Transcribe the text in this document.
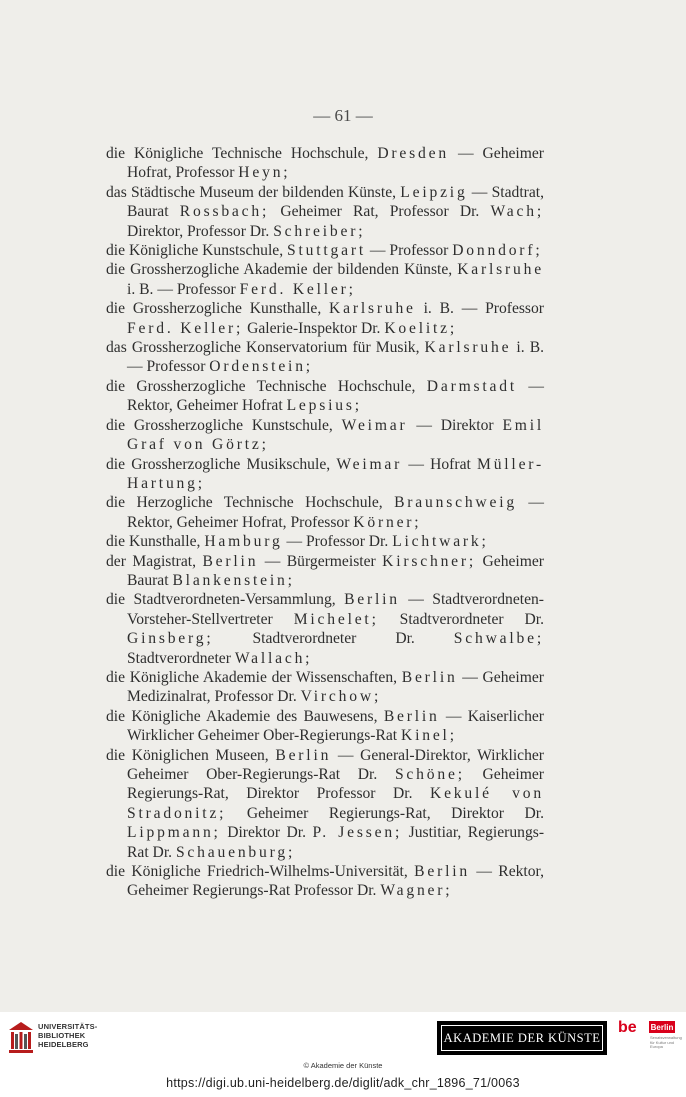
— 61 —

die Königliche Technische Hochschule, Dresden — Geheimer Hofrat, Professor Heyn;

das Städtische Museum der bildenden Künste, Leipzig — Stadtrat, Baurat Rossbach; Geheimer Rat, Professor Dr. Wach; Direktor, Professor Dr. Schreiber;

die Königliche Kunstschule, Stuttgart — Professor Donndorf;

die Grossherzogliche Akademie der bildenden Künste, Karlsruhe i. B. — Professor Ferd. Keller;

die Grossherzogliche Kunsthalle, Karlsruhe i. B. — Professor Ferd. Keller; Galerie-Inspektor Dr. Koelitz;

das Grossherzogliche Konservatorium für Musik, Karlsruhe i. B. — Professor Ordenstein;

die Grossherzogliche Technische Hochschule, Darmstadt — Rektor, Geheimer Hofrat Lepsius;

die Grossherzogliche Kunstschule, Weimar — Direktor Emil Graf von Görtz;

die Grossherzogliche Musikschule, Weimar — Hofrat Müller-Hartung;

die Herzogliche Technische Hochschule, Braunschweig — Rektor, Geheimer Hofrat, Professor Körner;

die Kunsthalle, Hamburg — Professor Dr. Lichtwark;

der Magistrat, Berlin — Bürgermeister Kirschner; Geheimer Baurat Blankenstein;

die Stadtverordneten-Versammlung, Berlin — Stadtverordneten-Vorsteher-Stellvertreter Michelet; Stadtverordneter Dr. Ginsberg; Stadtverordneter Dr. Schwalbe; Stadtverordneter Wallach;

die Königliche Akademie der Wissenschaften, Berlin — Geheimer Medizinalrat, Professor Dr. Virchow;

die Königliche Akademie des Bauwesens, Berlin — Kaiserlicher Wirklicher Geheimer Ober-Regierungs-Rat Kinel;

die Königlichen Museen, Berlin — General-Direktor, Wirklicher Geheimer Ober-Regierungs-Rat Dr. Schöne; Geheimer Regierungs-Rat, Direktor Professor Dr. Kekulé von Stradonitz; Geheimer Regierungs-Rat, Direktor Dr. Lippmann; Direktor Dr. P. Jessen; Justitiar, Regierungs-Rat Dr. Schauenburg;

die Königliche Friedrich-Wilhelms-Universität, Berlin — Rektor, Geheimer Regierungs-Rat Professor Dr. Wagner;

UNIVERSITÄTS-
BIBLIOTHEK
HEIDELBERG	AKADEMIE DER KÜNSTE
be Berlin
Senatsverwaltung für Kultur und Europa
© Akademie der Künste
https://digi.ub.uni-heidelberg.de/diglit/adk_chr_1896_71/0063
